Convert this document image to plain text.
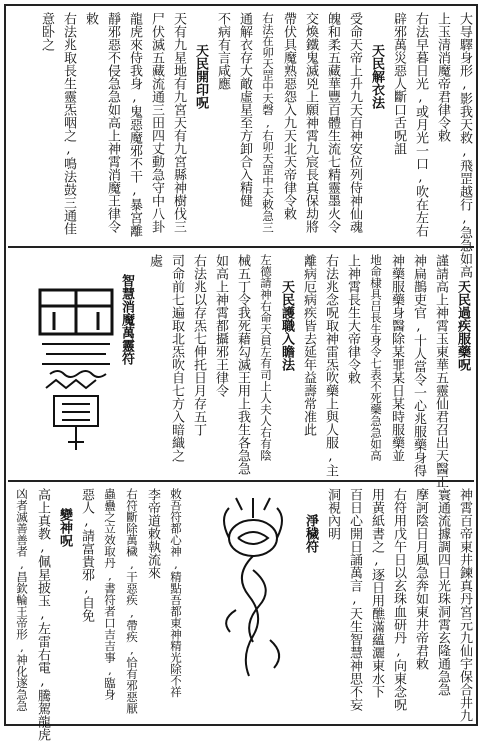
大㝵驛身形,影我天救,飛罡越行,急急如高
上玉清消魔帝君律令敕
右法早暮日光,或月光一口,吹在左右
辟邪萬災惡人斷口舌呪詛
天民解衣法
受命天帝上升九天百神安位列侍神仙魂
魄和柔五藏華豐百體生流七精靈墨火令
交煥鐵鬼滅兇上願神霄九宸長真保劫將
帶伏具魔熟惡怨入九天北天帝律令敕
右法在卯天罡中天磬,右卯天罡中天敕急三
通解衣存大敵虛星至方卸合入精健
不病有言咸應
天民開印呪
天有九星地有九宮天有九宮縣神樹伐三
尸伏滅五藏流通三田四丈動急守中八卦
龍虎來侍我身,鬼惡魔邪不干,暴宮離
靜邪惡不侵急急如高上神霄消魔王律令
敕
右法兆取長生靈炁咽之,鳴法鼓三通佳
意卧之
天民過疾服藥呪
謹請高上神霄玉東華五靈仙君召出天醫正
神扁鵲吏官,十人當令一心兆服藥身得
神藥服藥身醫除某罪某日某時服藥並
地命棣具吕長生身令七表不死藥急急如高
上神霄長生大帝律令敕
右法兆念呪取神雷炁吹藥上與人服,主
離病厄病疾皆去延年益壽常准此
天民護職入瞻法
左德請神右命天員左有司上人夫人右有陰
械五丁令我死藉勾滅王用上我生各急急
如高上神霄都攝邪王律令
右法兆以存炁七伸托日月存五丁
司命前七遍取北炁吹自七方入暗織之
處
智慧消魔萬靈符
神霄百帝東井鍊真丹宮元九仙宇保合井九
寰通流據調四日光珠洞霄玄隆通急急
摩訶陰日月風急奔如東井帝君敕
右符用戊午日以玄珠血研丹,向東念呪
用黃紙書之,逐日用醮滿蘊灑東水下
百日心開日誦萬言,天生智慧神思不妄
洞視內明
淨穢符
敕吾符都心神,精點吾都東神精光除不祥
李帝道敕執流來
右符斷除萬穢,干惡疾,帶疾,恰有邪惡厭
蟲蠱之立效取丹,書符者口吉吉事,臨身
惡人,請富貴邪,自免
變神呪
高上真教,佩星披玉,左雷右電,騰駕龍虎
凶者滅善善者,昌欽輪王帝形,神化遂急急
